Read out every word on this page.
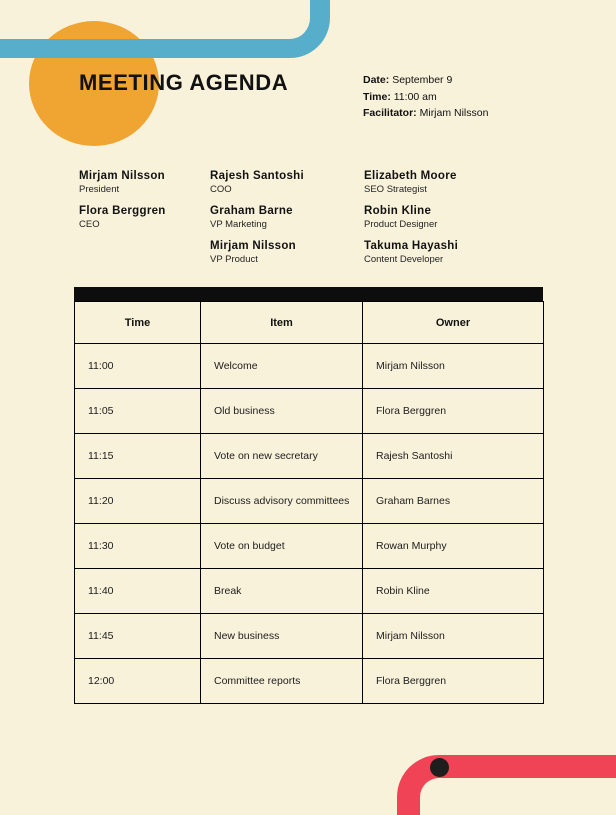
MEETING AGENDA	Date: September 9
Time: 11:00 am
Facilitator: Mirjam Nilsson
Mirjam Nilsson
President
Flora Berggren
CEO
Rajesh Santoshi
COO
Graham Barne
VP Marketing
Mirjam Nilsson
VP Product
Elizabeth Moore
SEO Strategist
Robin Kline
Product Designer
Takuma Hayashi
Content Developer
Time	Item	Owner
11:00	Welcome	Mirjam Nilsson
11:05	Old business	Flora Berggren
11:15	Vote on new secretary	Rajesh Santoshi
11:20	Discuss advisory committees	Graham Barnes
11:30	Vote on budget	Rowan Murphy
11:40	Break	Robin Kline
11:45	New business	Mirjam Nilsson
12:00	Committee reports	Flora Berggren
